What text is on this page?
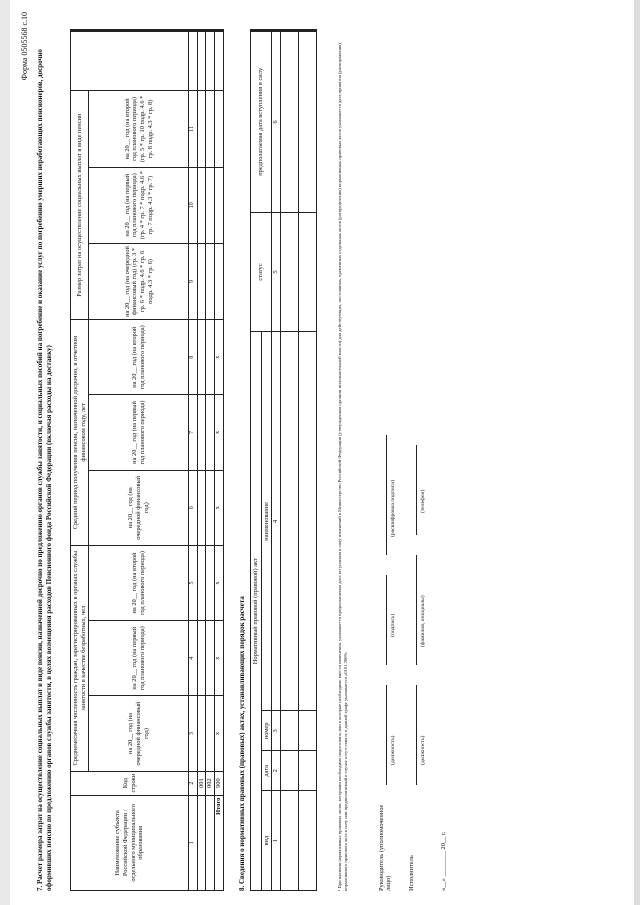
Форма 0505568 с.10
7. Расчет размера затрат на осуществление социальных выплат в виде пенсии, назначенной досрочно по предложению органов службы занятости, и социальных пособий на погребение и оказание услуг по погребению умерших неработающих пенсионеров, досрочно оформивших пенсию по предложению органов службы занятости, в целях возмещения расходов Пенсионного фонда Российской Федерации (включая расходы на доставку)	Наименование субъекта Российской Федерации / отдельного муниципального образования	Код строки	Среднемесячная численность граждан, зарегистрированных в органах службы занятости в качестве безработных, чел			Средний период получения пенсии, назначенной досрочно, в отчетном финансовом году, лет			Размер затрат на осуществление социальных выплат в виде пенсии			
		на 20__ год (на очередной финансовый год)	на 20__ год (на первый год планового периода)	на 20__ год (на второй год планового периода)	на 20__ год (на очередной финансовый год)	на 20__ год (на первый год планового периода)	на 20__ год (на второй год планового периода)	на 20__ год (на очередной финансовый год) (гр. 3 * гр. 6 * подр. 4.6 * гр. 6 подр. 4.3 * гр. 6)	на 20__ год (на первый год планового периода) (гр. 4 * гр. 7 * подр. 4.6 * гр. 7 подр. 4.3 * гр. 7)	на 20__ год (на второй год планового периода) (гр. 5 * гр. 10 подр. 4.6 * гр. 8 подр. 4.3 * гр. 8)	
1	2	3	4	5	6	7	8	9	10	11	
	001										
	002										
Итого	900	x	x	x	x	x	x				
8. Сведения о нормативных правовых (правовых) актах, устанавливающих порядок расчета Нормативный правовой (правовой) акт				статус	предполагаемая дата вступления в силу
вид	дата	номер	наименование		
1	2	3	4	5	6

						¹ При наличии нормативных правовых актов, которыми необходимо подготовить или в которые необходимо внести изменения, указывается предполагаемая дата вступления в силу изменений в Министерство Российской Федерации (утвержденная органом исполнительной власти) для действующих, постоянных, временных отдельных актов (распределения) нормативных правовых актов указывается дата принятия (распоряжения) нормативного правового акта в силу или предполагаемый в случае отсутствия и, в данной графе указывается «0101 2009»	Руководитель (уполномоченное лицо)
(должность)
(подпись)
(расшифровка подписи)
Исполнитель
(должность)
(фамилия, инициалы)
(телефон)
«__» ________ 20__ г.
